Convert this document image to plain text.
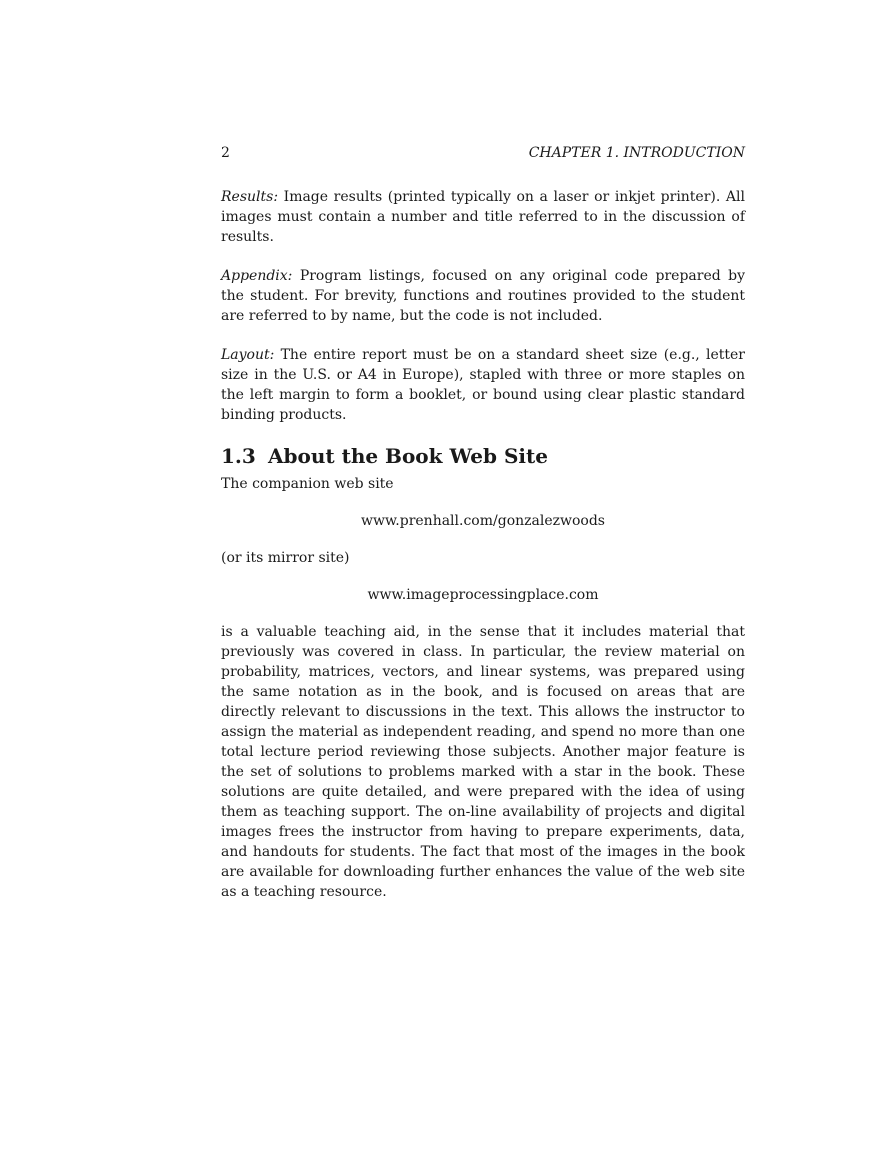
2	CHAPTER 1. INTRODUCTION

Results: Image results (printed typically on a laser or inkjet printer). All images must contain a number and title referred to in the discussion of results.

Appendix: Program listings, focused on any original code prepared by the student. For brevity, functions and routines provided to the student are referred to by name, but the code is not included.

Layout: The entire report must be on a standard sheet size (e.g., letter size in the U.S. or A4 in Europe), stapled with three or more staples on the left margin to form a booklet, or bound using clear plastic standard binding products.

1.3 About the Book Web Site

The companion web site

www.prenhall.com/gonzalezwoods

(or its mirror site)

www.imageprocessingplace.com

is a valuable teaching aid, in the sense that it includes material that previously was covered in class. In particular, the review material on probability, matrices, vectors, and linear systems, was prepared using the same notation as in the book, and is focused on areas that are directly relevant to discussions in the text. This allows the instructor to assign the material as independent reading, and spend no more than one total lecture period reviewing those subjects. Another major feature is the set of solutions to problems marked with a star in the book. These solutions are quite detailed, and were prepared with the idea of using them as teaching support. The on-line availability of projects and digital images frees the instructor from having to prepare experiments, data, and handouts for students. The fact that most of the images in the book are available for downloading further enhances the value of the web site as a teaching resource.
